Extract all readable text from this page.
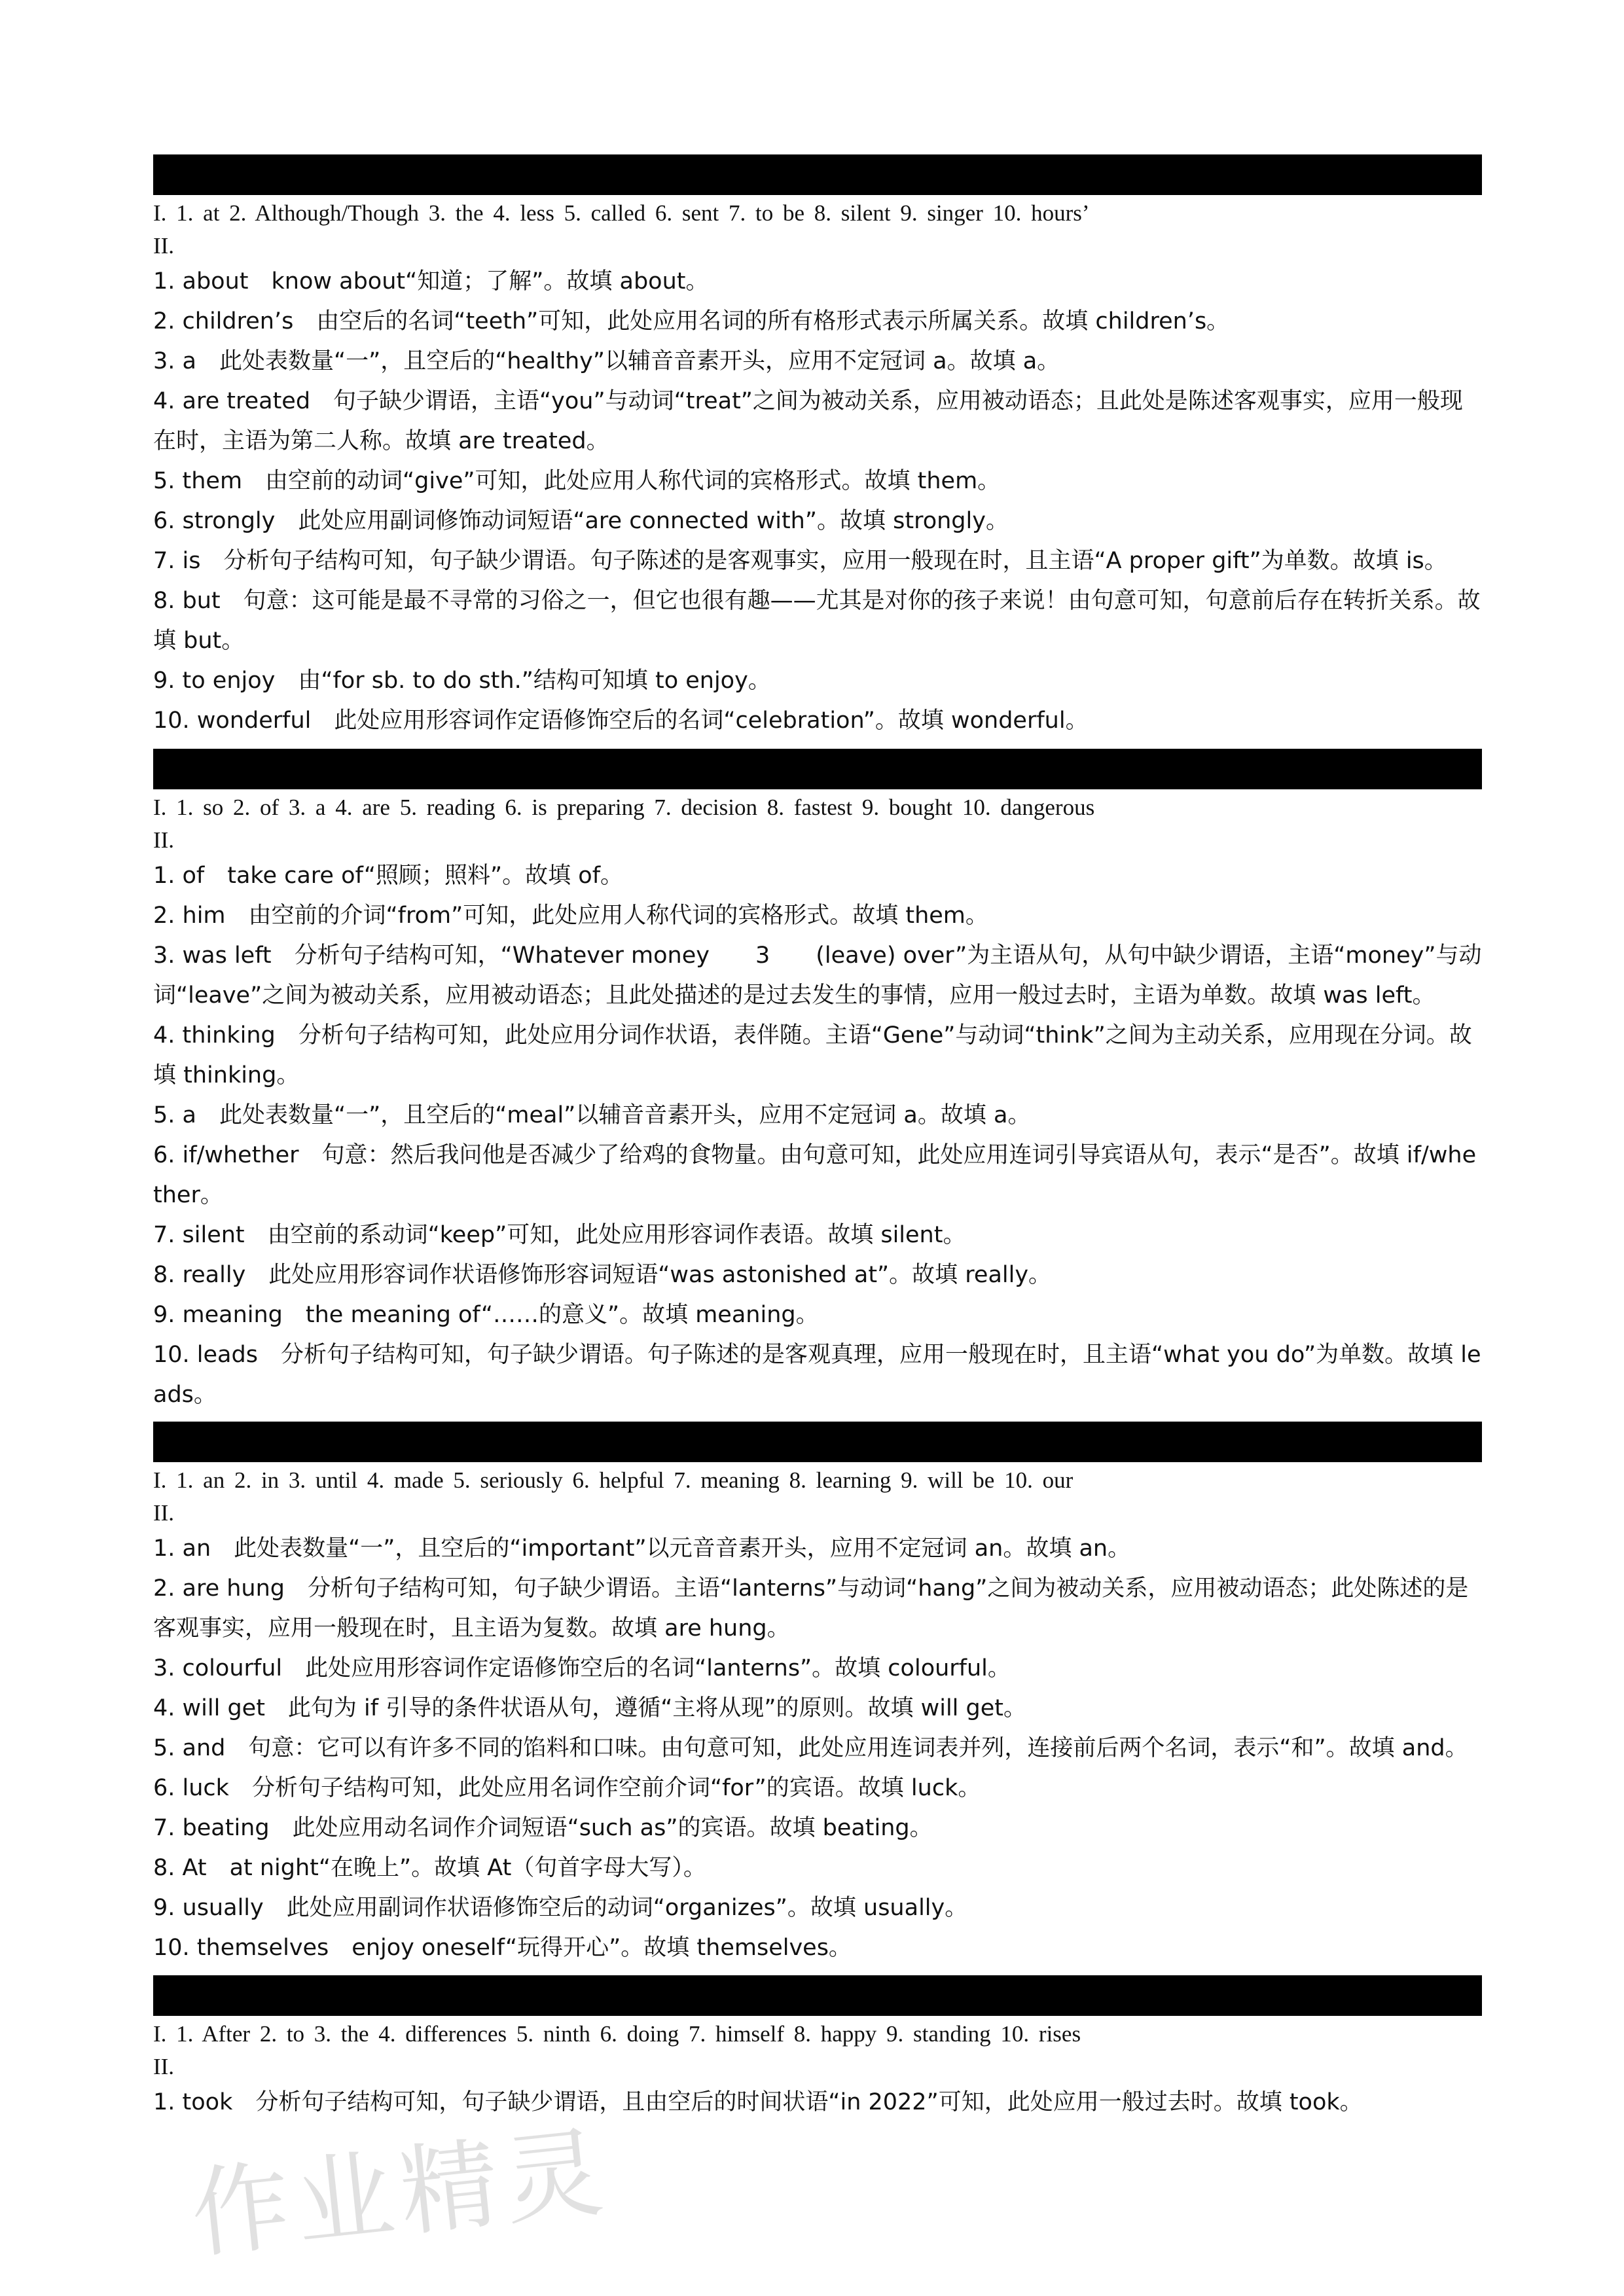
I. 1. at 2. Although/Though 3. the 4. less 5. called 6. sent 7. to be 8. silent 9. singer 10. hours’
II.

1. about　know about“知道；了解”。故填 about。

2. children’s　由空后的名词“teeth”可知，此处应用名词的所有格形式表示所属关系。故填 children’s。

3. a　此处表数量“一”，且空后的“healthy”以辅音音素开头，应用不定冠词 a。故填 a。

4. are treated　句子缺少谓语，主语“you”与动词“treat”之间为被动关系，应用被动语态；且此处是陈述客观事实，应用一般现在时，主语为第二人称。故填 are treated。

5. them　由空前的动词“give”可知，此处应用人称代词的宾格形式。故填 them。

6. strongly　此处应用副词修饰动词短语“are connected with”。故填 strongly。

7. is　分析句子结构可知，句子缺少谓语。句子陈述的是客观事实，应用一般现在时，且主语“A proper gift”为单数。故填 is。

8. but　句意：这可能是最不寻常的习俗之一，但它也很有趣——尤其是对你的孩子来说！由句意可知，句意前后存在转折关系。故填 but。

9. to enjoy　由“for sb. to do sth.”结构可知填 to enjoy。

10. wonderful　此处应用形容词作定语修饰空后的名词“celebration”。故填 wonderful。

I. 1. so 2. of 3. a 4. are 5. reading 6. is preparing 7. decision 8. fastest 9. bought 10. dangerous
II.

1. of　take care of“照顾；照料”。故填 of。

2. him　由空前的介词“from”可知，此处应用人称代词的宾格形式。故填 them。

3. was left　分析句子结构可知，“Whatever money　　3　　(leave) over”为主语从句，从句中缺少谓语，主语“money”与动词“leave”之间为被动关系，应用被动语态；且此处描述的是过去发生的事情，应用一般过去时，主语为单数。故填 was left。

4. thinking　分析句子结构可知，此处应用分词作状语，表伴随。主语“Gene”与动词“think”之间为主动关系，应用现在分词。故填 thinking。

5. a　此处表数量“一”，且空后的“meal”以辅音音素开头，应用不定冠词 a。故填 a。

6. if/whether　句意：然后我问他是否减少了给鸡的食物量。由句意可知，此处应用连词引导宾语从句，表示“是否”。故填 if/whether。

7. silent　由空前的系动词“keep”可知，此处应用形容词作表语。故填 silent。

8. really　此处应用形容词作状语修饰形容词短语“was astonished at”。故填 really。

9. meaning　the meaning of“……的意义”。故填 meaning。

10. leads　分析句子结构可知，句子缺少谓语。句子陈述的是客观真理，应用一般现在时，且主语“what you do”为单数。故填 leads。

I. 1. an 2. in 3. until 4. made 5. seriously 6. helpful 7. meaning 8. learning 9. will be 10. our
II.

1. an　此处表数量“一”，且空后的“important”以元音音素开头，应用不定冠词 an。故填 an。

2. are hung　分析句子结构可知，句子缺少谓语。主语“lanterns”与动词“hang”之间为被动关系，应用被动语态；此处陈述的是客观事实，应用一般现在时，且主语为复数。故填 are hung。

3. colourful　此处应用形容词作定语修饰空后的名词“lanterns”。故填 colourful。

4. will get　此句为 if 引导的条件状语从句，遵循“主将从现”的原则。故填 will get。

5. and　句意：它可以有许多不同的馅料和口味。由句意可知，此处应用连词表并列，连接前后两个名词，表示“和”。故填 and。

6. luck　分析句子结构可知，此处应用名词作空前介词“for”的宾语。故填 luck。

7. beating　此处应用动名词作介词短语“such as”的宾语。故填 beating。

8. At　at night“在晚上”。故填 At（句首字母大写）。

9. usually　此处应用副词作状语修饰空后的动词“organizes”。故填 usually。

10. themselves　enjoy oneself“玩得开心”。故填 themselves。

I. 1. After 2. to 3. the 4. differences 5. ninth 6. doing 7. himself 8. happy 9. standing 10. rises
II.

1. took　分析句子结构可知，句子缺少谓语，且由空后的时间状语“in 2022”可知，此处应用一般过去时。故填 took。

作业精灵
